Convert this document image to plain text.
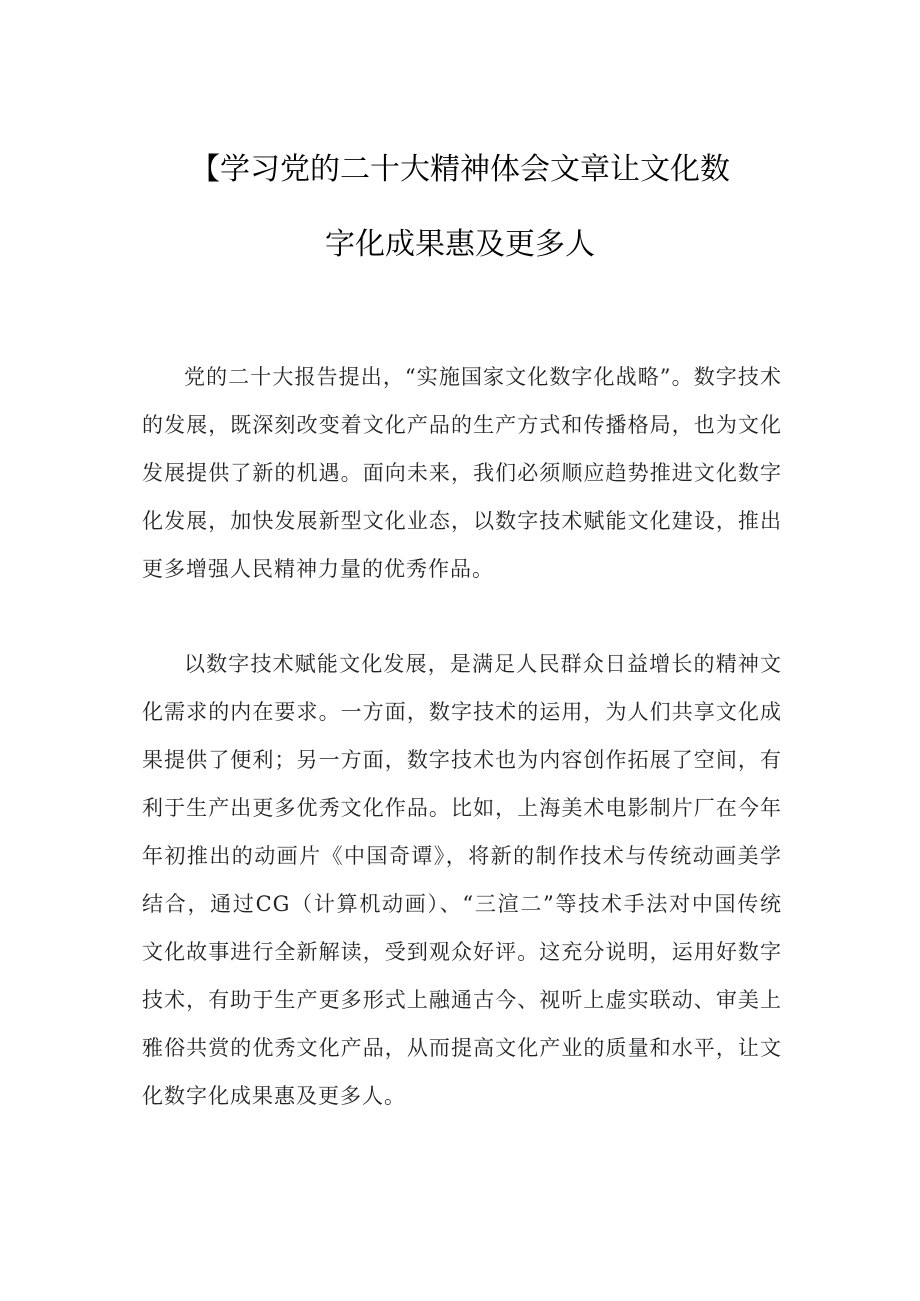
【学习党的二十大精神体会文章让文化数
字化成果惠及更多人

党的二十大报告提出，“实施国家文化数字化战略”。数字技术的发展，既深刻改变着文化产品的生产方式和传播格局，也为文化发展提供了新的机遇。面向未来，我们必须顺应趋势推进文化数字化发展，加快发展新型文化业态，以数字技术赋能文化建设，推出更多增强人民精神力量的优秀作品。

以数字技术赋能文化发展，是满足人民群众日益增长的精神文化需求的内在要求。一方面，数字技术的运用，为人们共享文化成果提供了便利；另一方面，数字技术也为内容创作拓展了空间，有利于生产出更多优秀文化作品。比如，上海美术电影制片厂在今年年初推出的动画片《中国奇谭》，将新的制作技术与传统动画美学结合，通过CG（计算机动画）、“三渲二”等技术手法对中国传统文化故事进行全新解读，受到观众好评。这充分说明，运用好数字技术，有助于生产更多形式上融通古今、视听上虚实联动、审美上雅俗共赏的优秀文化产品，从而提高文化产业的质量和水平，让文化数字化成果惠及更多人。
